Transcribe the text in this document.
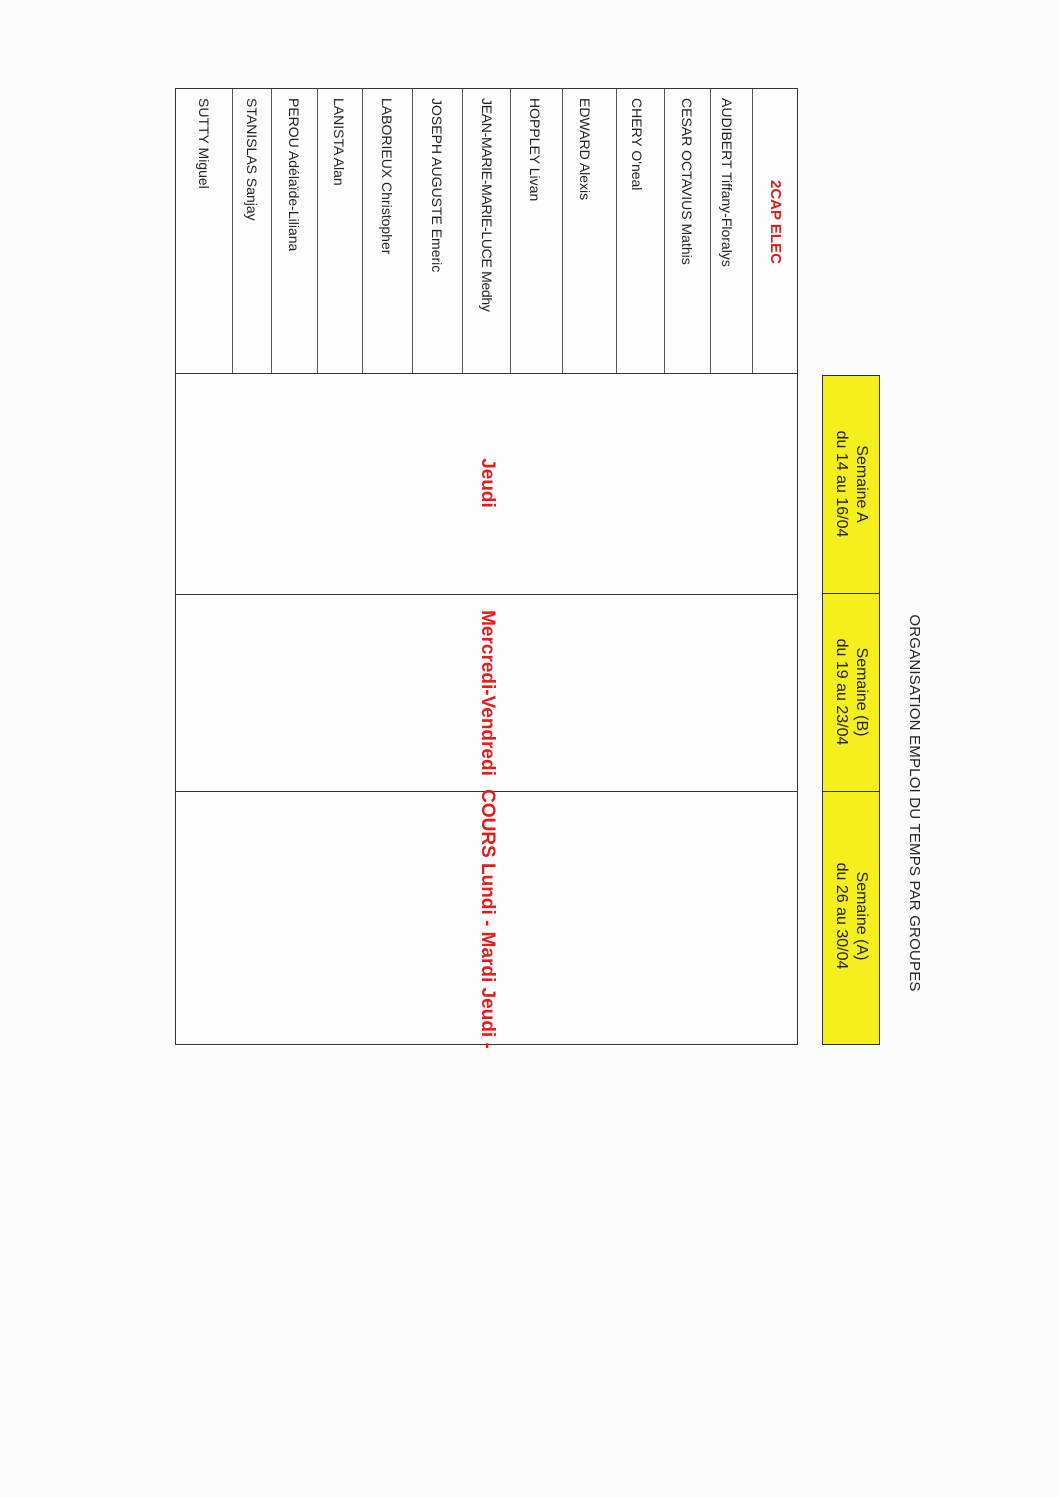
ORGANISATION EMPLOI DU TEMPS PAR GROUPES
Semaine A
du 14 au 16/04
Semaine (B)
du 19 au 23/04
Semaine (A)
du 26 au 30/04
2CAP ELEC
AUDIBERT Tiffany-Floralys
CESAR OCTAVIUS Mathis
CHERY O'neal
EDWARD Alexis
HOPPLEY Livan
JEAN-MARIE-MARIE-LUCE Medhy
JOSEPH AUGUSTE Emeric
LABORIEUX Christopher
LANISTA Alan
PEROU Adélaïde-Liliana
STANISLAS Sanjay
SUTTY Miguel
Jeudi
Mercredi-Vendredi
COURS Lundi - Mardi Jeudi -
